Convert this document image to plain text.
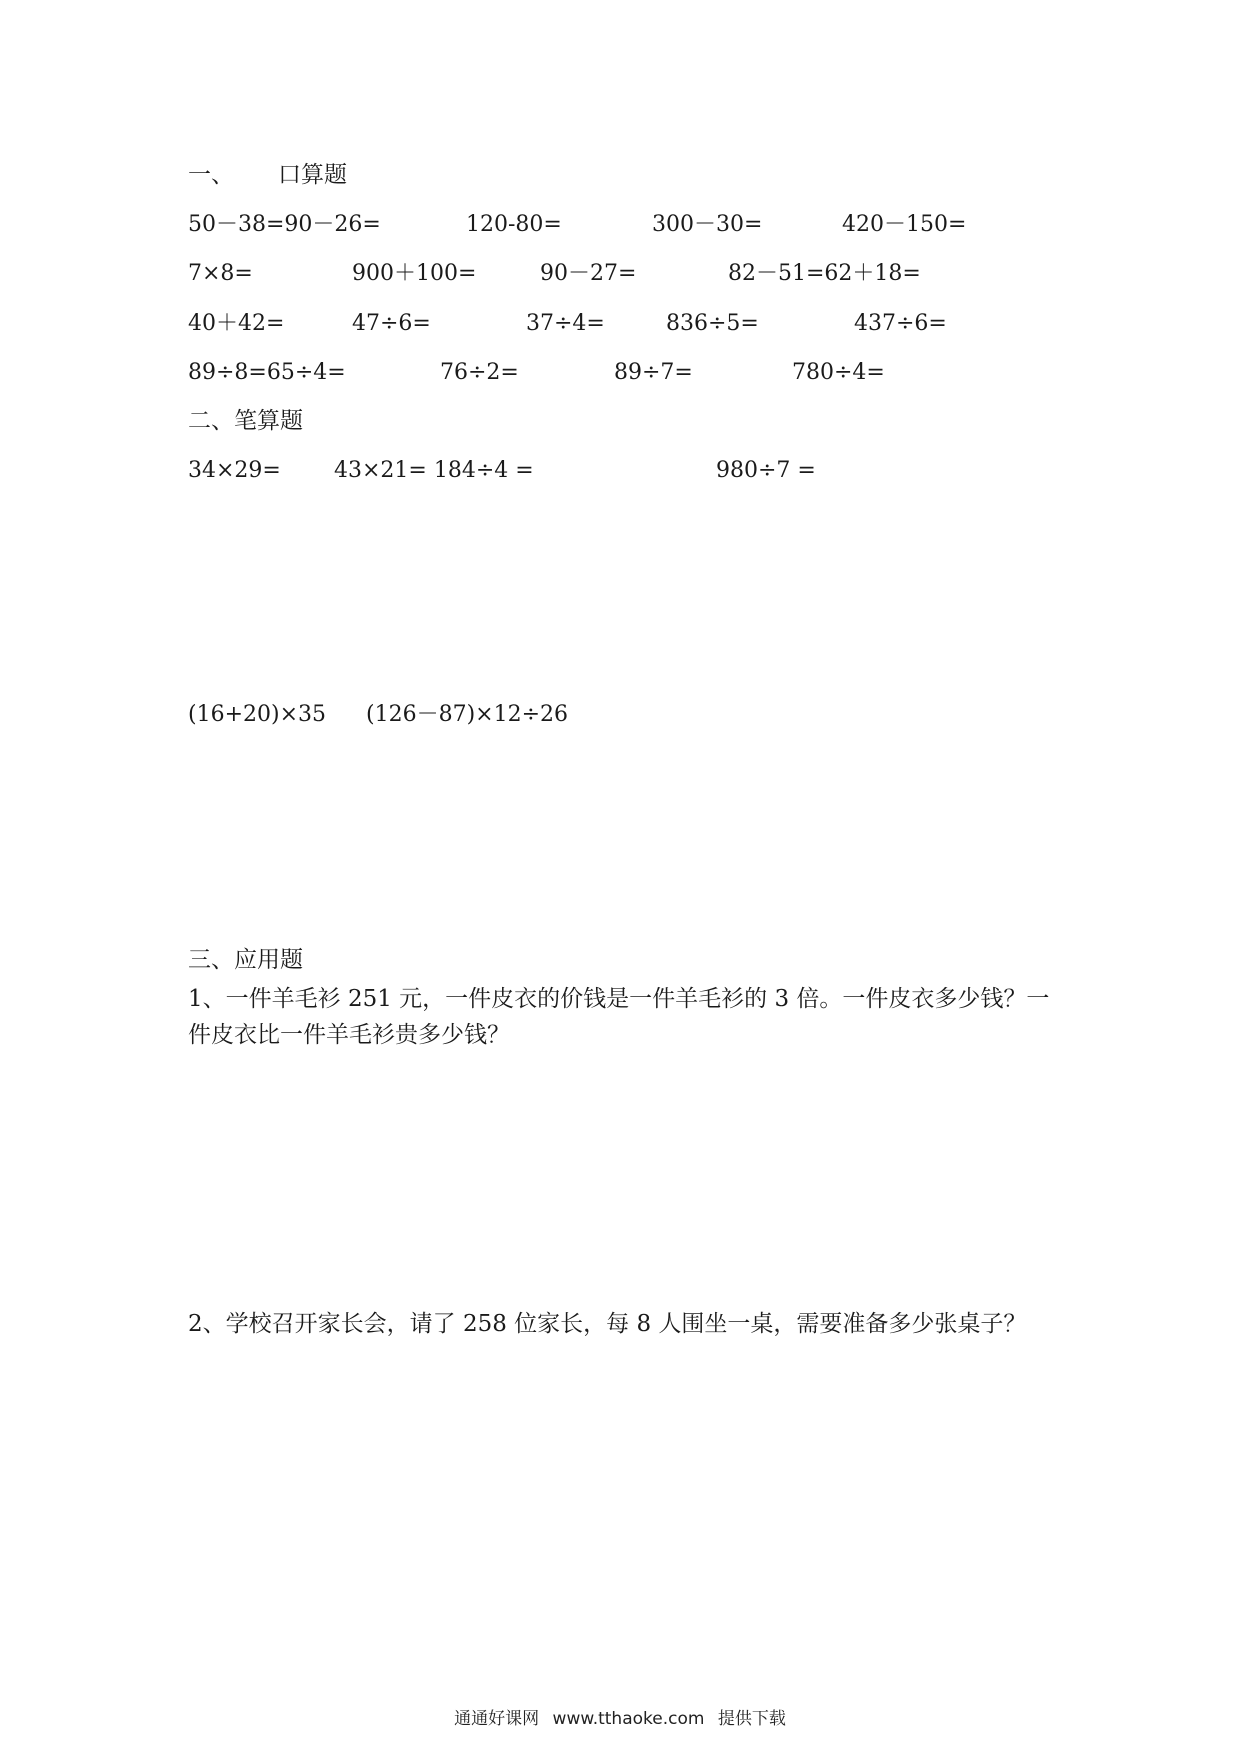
一、 口算题
50－38=90－26=	120-80=	300－30=	420－150=
7×8=	900＋100=	90－27=	82－51=62＋18=
40＋42=	47÷6=	37÷4=	836÷5=	437÷6=
89÷8=65÷4=	76÷2=	89÷7=	780÷4=
二、笔算题
34×29= 43×21= 184÷4 =	980÷7 =
(16+20)×35 (126－87)×12÷26
三、应用题
1、一件羊毛衫 251 元，一件皮衣的价钱是一件羊毛衫的 3 倍。一件皮衣多少钱？一件皮衣比一件羊毛衫贵多少钱？
2、学校召开家长会，请了 258 位家长，每 8 人围坐一桌，需要准备多少张桌子？
通通好课网 www.tthaoke.com 提供下载
